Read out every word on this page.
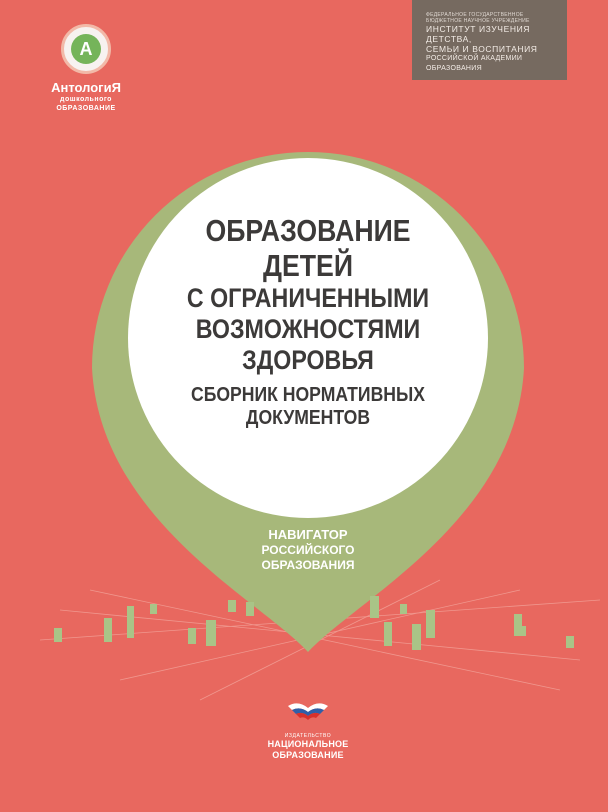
А
АнтологиЯ
дошкольного
ОБРАЗОВАНИЕ
ФЕДЕРАЛЬНОЕ ГОСУДАРСТВЕННОЕ БЮДЖЕТНОЕ НАУЧНОЕ УЧРЕЖДЕНИЕ
ИНСТИТУТ ИЗУЧЕНИЯ ДЕТСТВА,
СЕМЬИ И ВОСПИТАНИЯ
РОССИЙСКОЙ АКАДЕМИИ ОБРАЗОВАНИЯ
ОБРАЗОВАНИЕ
ДЕТЕЙ
С ОГРАНИЧЕННЫМИ
ВОЗМОЖНОСТЯМИ
ЗДОРОВЬЯ
СБОРНИК НОРМАТИВНЫХ
ДОКУМЕНТОВ
НАВИГАТОР
РОССИЙСКОГО
ОБРАЗОВАНИЯ
ИЗДАТЕЛЬСТВО
НАЦИОНАЛЬНОЕ
ОБРАЗОВАНИЕ
